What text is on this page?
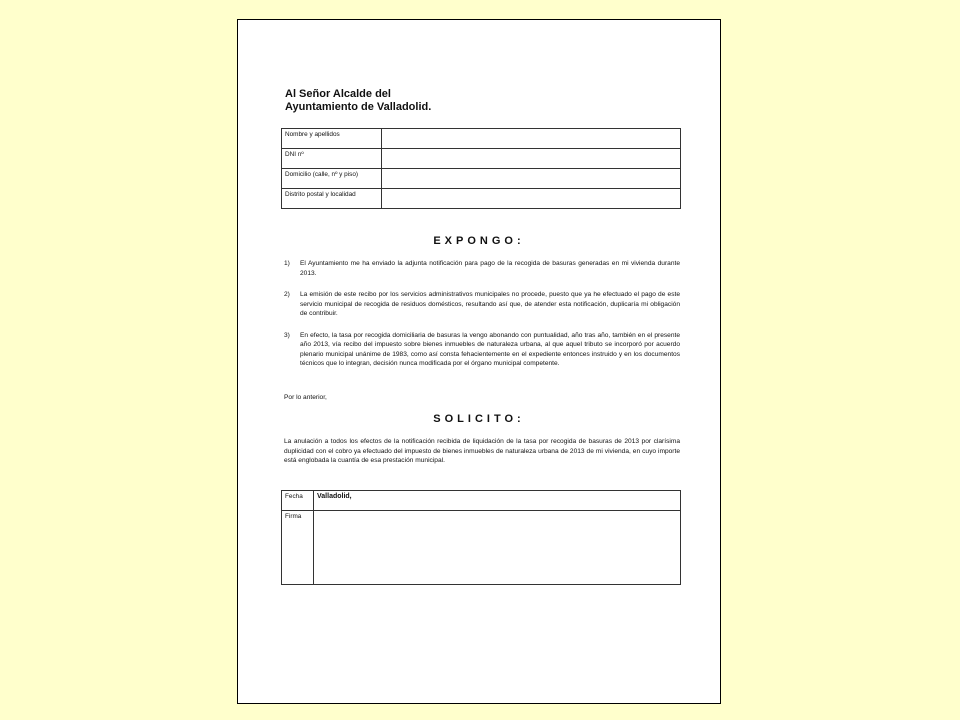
Al Señor Alcalde del
Ayuntamiento de Valladolid.
Nombre y apellidos	
DNI nº	
Domicilio (calle, nº y piso)	
Distrito postal y localidad	
EXPONGO:
1)	El Ayuntamiento me ha enviado la adjunta notificación para pago de la recogida de basuras generadas en mi vivienda durante 2013.
2)	La emisión de este recibo por los servicios administrativos municipales no procede, puesto que ya he efectuado el pago de este servicio municipal de recogida de residuos domésticos, resultando así que, de atender esta notificación, duplicaría mi obligación de contribuir.
3)	En efecto, la tasa por recogida domiciliaria de basuras la vengo abonando con puntualidad, año tras año, también en el presente año 2013, vía recibo del impuesto sobre bienes inmuebles de naturaleza urbana, al que aquel tributo se incorporó por acuerdo plenario municipal unánime de 1983, como así consta fehacientemente en el expediente entonces instruido y en los documentos técnicos que lo integran, decisión nunca modificada por el órgano municipal competente.
Por lo anterior,
SOLICITO:
La anulación a todos los efectos de la notificación recibida de liquidación de la tasa por recogida de basuras de 2013 por clarísima duplicidad con el cobro ya efectuado del impuesto de bienes inmuebles de naturaleza urbana de 2013 de mi vivienda, en cuyo importe está englobada la cuantía de esa prestación municipal.
Fecha	Valladolid,
Firma	
